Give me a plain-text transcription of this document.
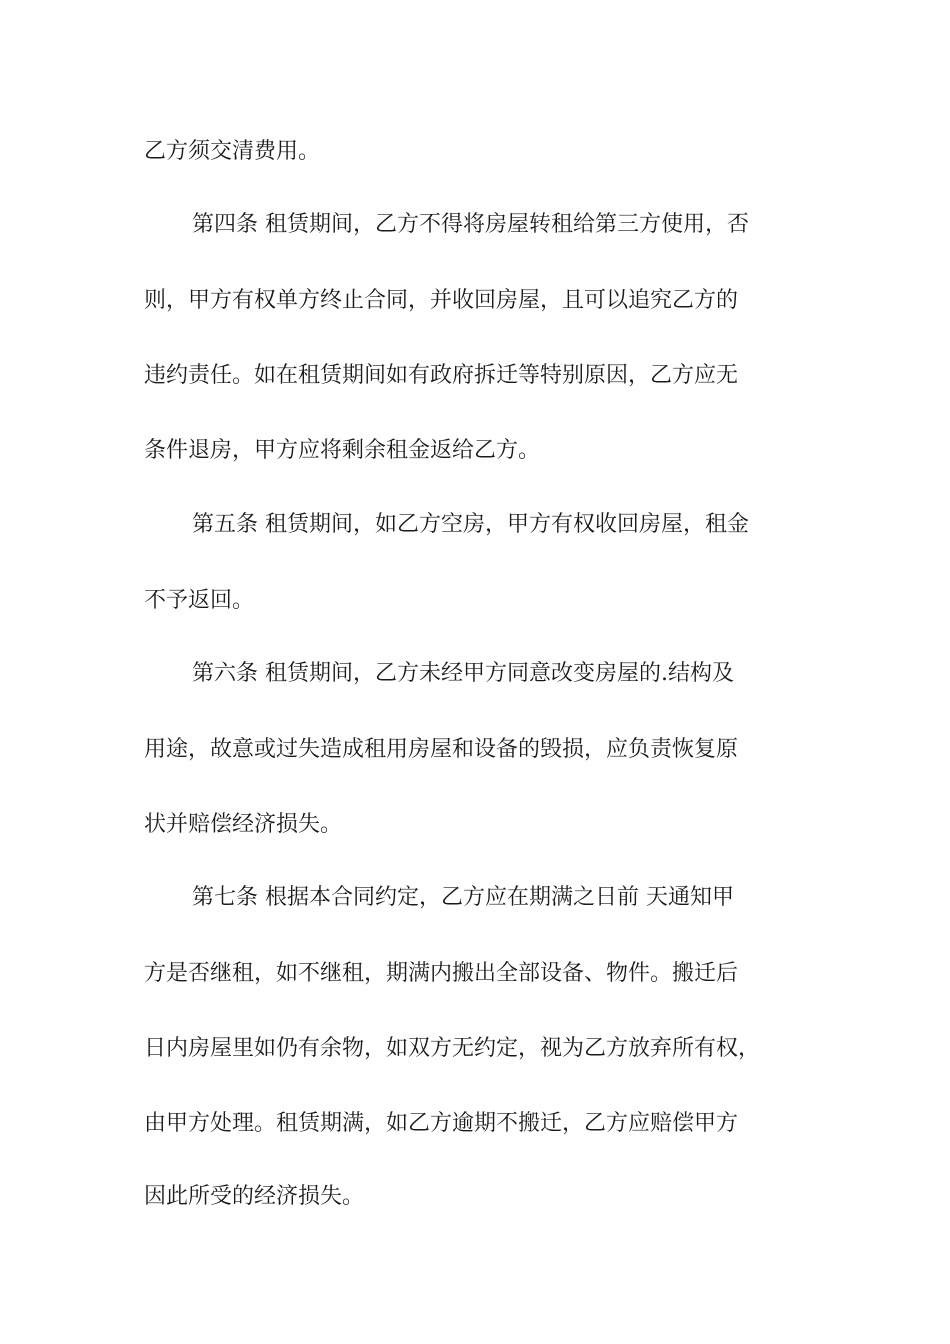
乙方须交清费用。
第四条 租赁期间，乙方不得将房屋转租给第三方使用，否
则，甲方有权单方终止合同，并收回房屋，且可以追究乙方的
违约责任。如在租赁期间如有政府拆迁等特别原因，乙方应无
条件退房，甲方应将剩余租金返给乙方。
第五条 租赁期间，如乙方空房，甲方有权收回房屋，租金
不予返回。
第六条 租赁期间，乙方未经甲方同意改变房屋的.结构及
用途，故意或过失造成租用房屋和设备的毁损，应负责恢复原
状并赔偿经济损失。
第七条 根据本合同约定，乙方应在期满之日前 天通知甲
方是否继租，如不继租，期满内搬出全部设备、物件。搬迁后
日内房屋里如仍有余物，如双方无约定，视为乙方放弃所有权，
由甲方处理。租赁期满，如乙方逾期不搬迁，乙方应赔偿甲方
因此所受的经济损失。
